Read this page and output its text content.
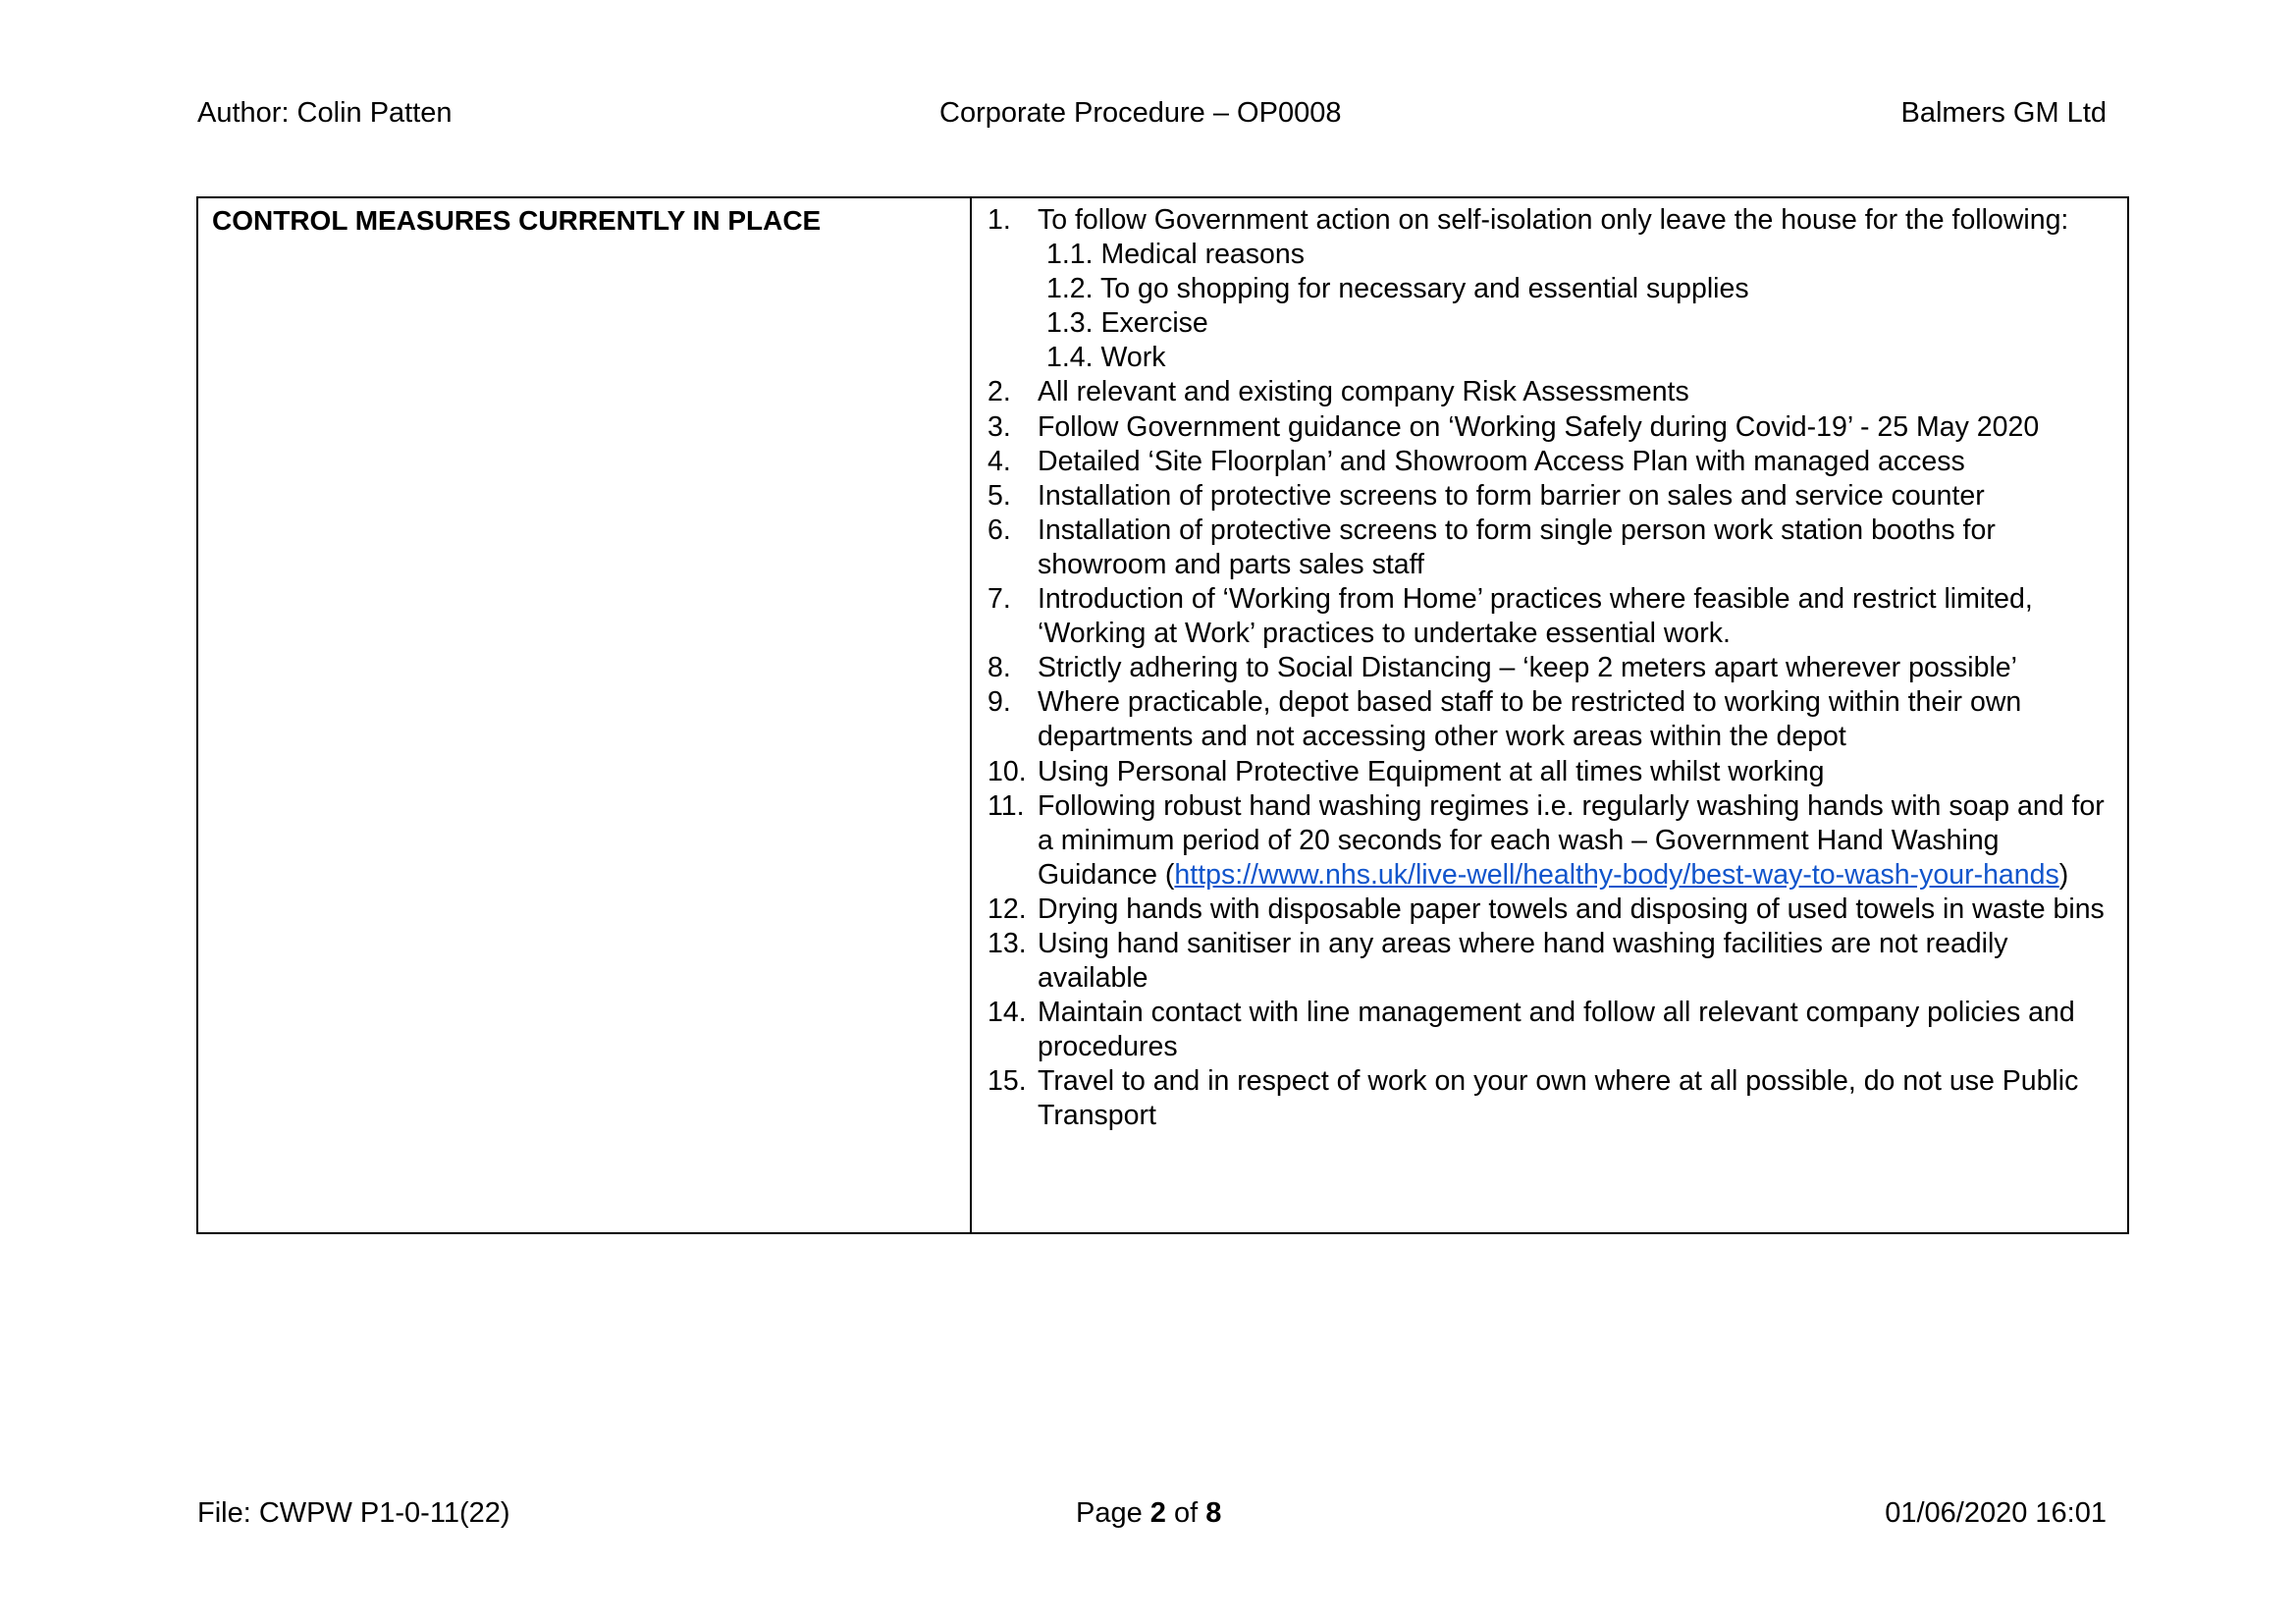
Author: Colin Patten	Corporate Procedure – OP0008	Balmers GM Ltd
CONTROL MEASURES CURRENTLY IN PLACE	1. To follow Government action on self-isolation only leave the house for the following:
1.1. Medical reasons
1.2. To go shopping for necessary and essential supplies
1.3. Exercise
1.4. Work
2. All relevant and existing company Risk Assessments
3. Follow Government guidance on ‘Working Safely during Covid-19’ - 25 May 2020
4. Detailed ‘Site Floorplan’ and Showroom Access Plan with managed access
5. Installation of protective screens to form barrier on sales and service counter
6. Installation of protective screens to form single person work station booths for showroom and parts sales staff
7. Introduction of ‘Working from Home’ practices where feasible and restrict limited, ‘Working at Work’ practices to undertake essential work.
8. Strictly adhering to Social Distancing – ‘keep 2 meters apart wherever possible’
9. Where practicable, depot based staff to be restricted to working within their own departments and not accessing other work areas within the depot
10. Using Personal Protective Equipment at all times whilst working
11. Following robust hand washing regimes i.e. regularly washing hands with soap and for a minimum period of 20 seconds for each wash – Government Hand Washing Guidance (https://www.nhs.uk/live-well/healthy-body/best-way-to-wash-your-hands)
12. Drying hands with disposable paper towels and disposing of used towels in waste bins
13. Using hand sanitiser in any areas where hand washing facilities are not readily available
14. Maintain contact with line management and follow all relevant company policies and procedures
15. Travel to and in respect of work on your own where at all possible, do not use Public Transport
File: CWPW P1-0-11(22)	Page 2 of 8	01/06/2020 16:01
